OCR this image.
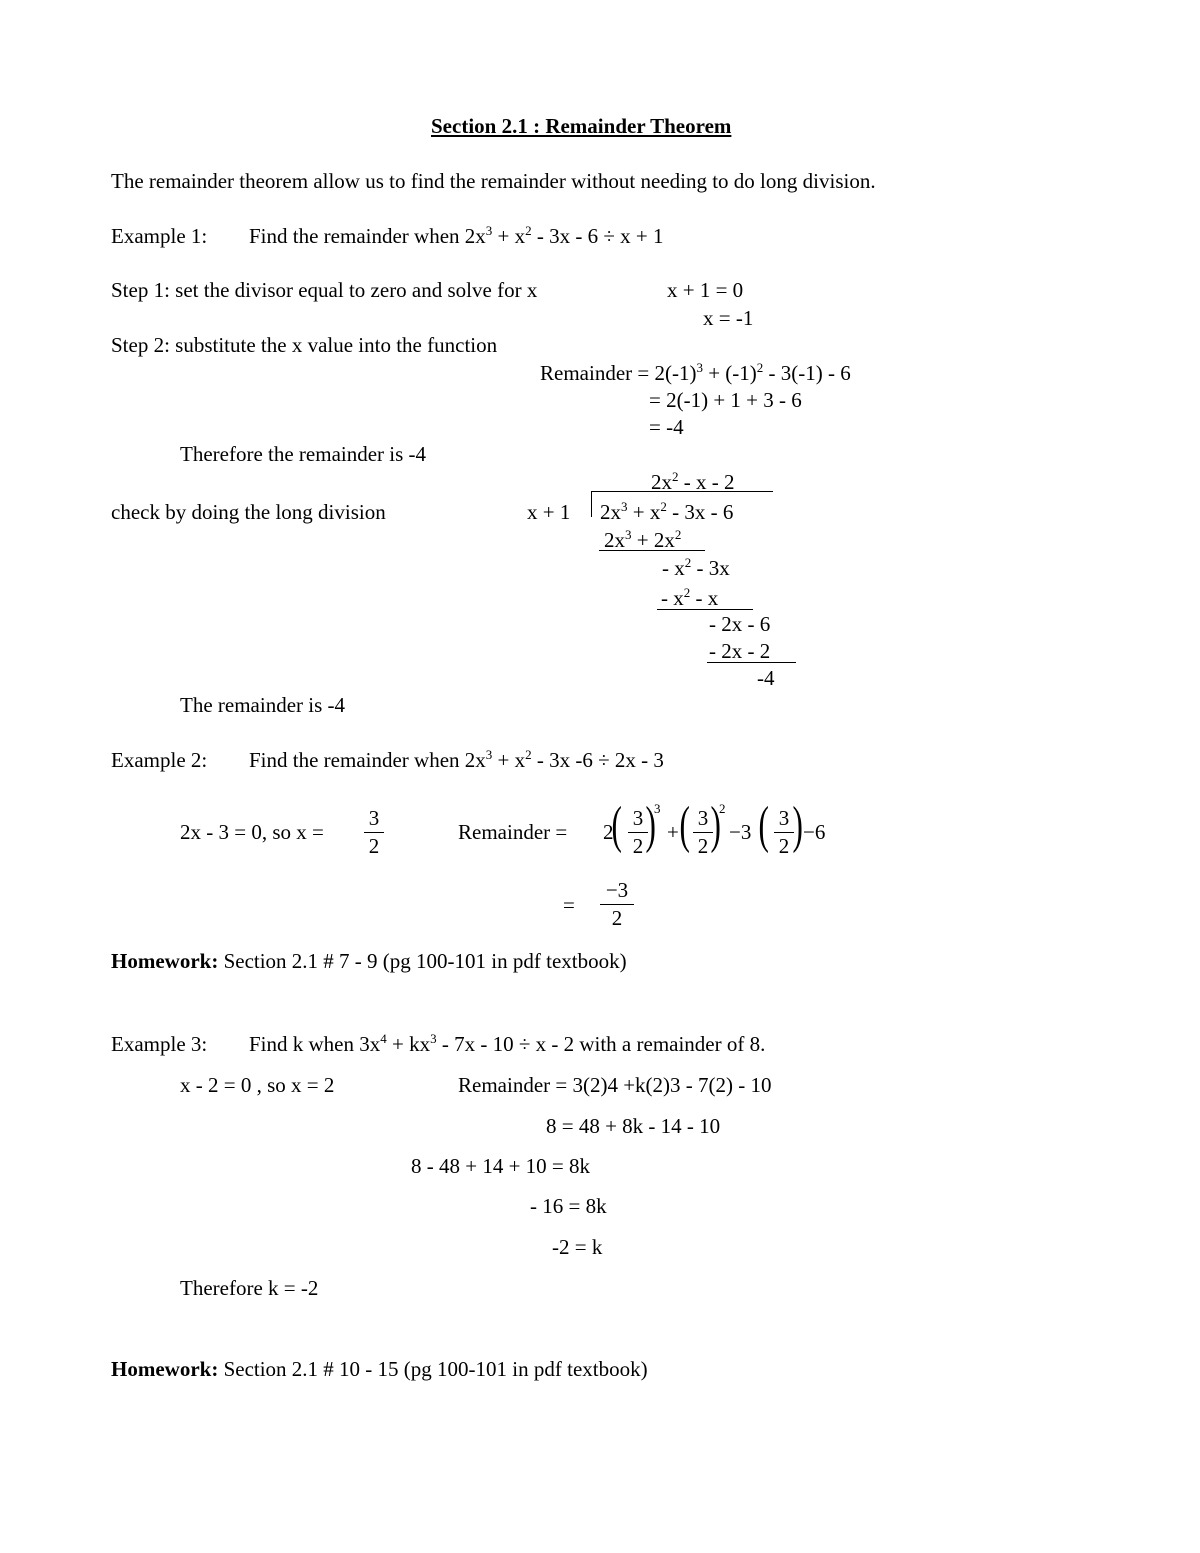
Section 2.1 : Remainder Theorem
The remainder theorem allow us to find the remainder without needing to do long division.
Example 1: Find the remainder when $2x^3 + x^2 - 3x - 6 \div x + 1$
Step 1: set the divisor equal to zero and solve for x	x + 1 = 0
x = -1
Step 2: substitute the x value into the function
Remainder = $2(-1)^3 + (-1)^2 - 3(-1) - 6$
= 2(-1) + 1 + 3 - 6
= -4
Therefore the remainder is -4
$2x^2$ - x - 2
check by doing the long division	x + 1 $2x^3 + x^2 - 3x - 6$
$2x^3 + 2x^2$
- $x^2 - 3x$
- $x^2$ - x
- 2x - 6
- 2x - 2
-4
The remainder is -4
Example 2: Find the remainder when $2x^3 + x^2 - 3x$ -6 ÷ 2x - 3
2x - 3 = 0, so x =
3
2
Remainder = 2
( 3
2 )
3
+ ( 3
2 )
2
−3 ( 3
2 ) −6
=
−3
2
Homework: Section 2.1 # 7 - 9 (pg 100-101 in pdf textbook)
Example 3: Find k when $3x^4 + kx^3 - 7x - 10 \div x - 2$ with a remainder of 8.
x - 2 = 0 , so x = 2	Remainder = 3(2)4 +k(2)3 - 7(2) - 10
8 = 48 + 8k - 14 - 10
8 - 48 + 14 + 10 = 8k
- 16 = 8k
-2 = k
Therefore k = -2
Homework: Section 2.1 # 10 - 15 (pg 100-101 in pdf textbook)
